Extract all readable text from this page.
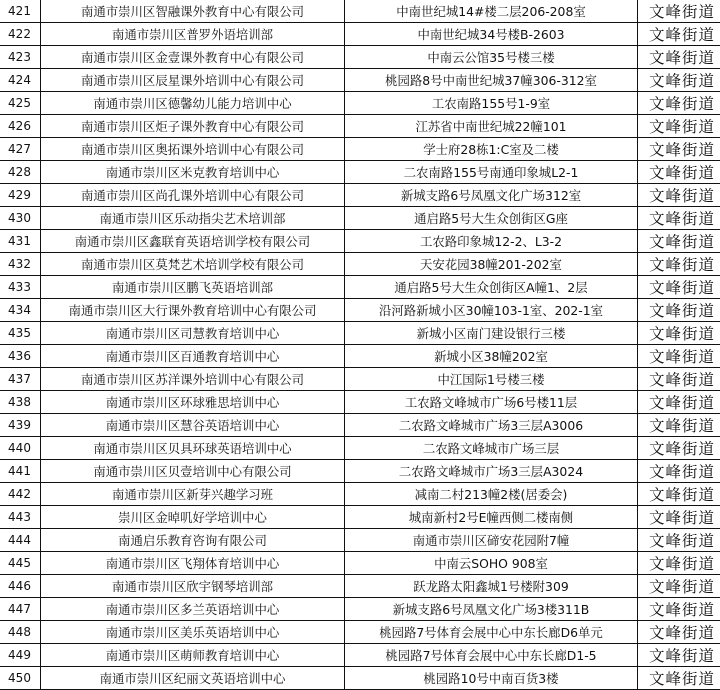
421	南通市崇川区智融课外教育中心有限公司	中南世纪城14#楼二层206-208室	文峰街道
422	南通市崇川区普罗外语培训部	中南世纪城34号楼B-2603	文峰街道
423	南通市崇川区金壹课外教育中心有限公司	中南云公馆35号楼三楼	文峰街道
424	南通市崇川区辰星课外培训中心有限公司	桃园路8号中南世纪城37幢306-312室	文峰街道
425	南通市崇川区德馨幼儿能力培训中心	工农南路155号1-9室	文峰街道
426	南通市崇川区炬子课外教育中心有限公司	江苏省中南世纪城22幢101	文峰街道
427	南通市崇川区奥拓课外培训中心有限公司	学士府28栋1:C室及二楼	文峰街道
428	南通市崇川区米克教育培训中心	二农南路155号南通印象城L2-1	文峰街道
429	南通市崇川区尚孔课外培训中心有限公司	新城支路6号凤凰文化广场312室	文峰街道
430	南通市崇川区乐动指尖艺术培训部	通启路5号大生众创街区G座	文峰街道
431	南通市崇川区鑫联育英语培训学校有限公司	工农路印象城12-2、L3-2	文峰街道
432	南通市崇川区莫梵艺术培训学校有限公司	天安花园38幢201-202室	文峰街道
433	南通市崇川区鹏飞英语培训部	通启路5号大生众创街区A幢1、2层	文峰街道
434	南通市崇川区大行课外教育培训中心有限公司	沿河路新城小区30幢103-1室、202-1室	文峰街道
435	南通市崇川区司慧教育培训中心	新城小区南门建设银行三楼	文峰街道
436	南通市崇川区百通教育培训中心	新城小区38幢202室	文峰街道
437	南通市崇川区苏洋课外培训中心有限公司	中江国际1号楼三楼	文峰街道
438	南通市崇川区环球雅思培训中心	工农路文峰城市广场6号楼11层	文峰街道
439	南通市崇川区慧谷英语培训中心	二农路文峰城市广场3三层A3006	文峰街道
440	南通市崇川区贝具环球英语培训中心	二农路文峰城市广场三层	文峰街道
441	南通市崇川区贝壹培训中心有限公司	二农路文峰城市广场3三层A3024	文峰街道
442	南通市崇川区新芽兴趣学习班	减南二村213幢2楼(居委会)	文峰街道
443	崇川区金晫叽好学培训中心	城南新村2号E幢西侧二楼南侧	文峰街道
444	南通启乐教育咨询有限公司	南通市崇川区碲安花园附7幢	文峰街道
445	南通市崇川区飞翔体育培训中心	中南云SOHO 908室	文峰街道
446	南通市崇川区欣宇钢琴培训部	跃龙路太阳鑫城1号楼附309	文峰街道
447	南通市崇川区多兰英语培训中心	新城支路6号凤凰文化广场3楼311B	文峰街道
448	南通市崇川区美乐英语培训中心	桃园路7号体育会展中心中东长廊D6单元	文峰街道
449	南通市崇川区萌师教育培训中心	桃园路7号体育会展中心中东长廊D1-5	文峰街道
450	南通市崇川区纪丽文英语培训中心	桃园路10号中南百货3楼	文峰街道
